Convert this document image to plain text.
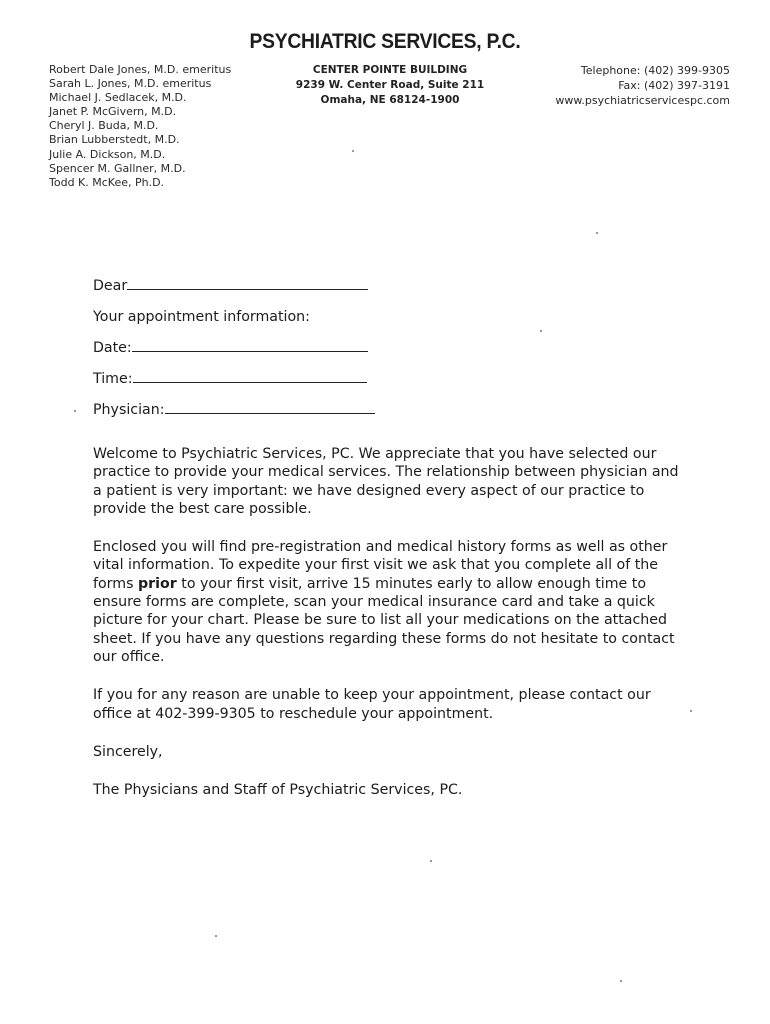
PSYCHIATRIC SERVICES, P.C.
Robert Dale Jones, M.D. emeritus
Sarah L. Jones, M.D. emeritus
Michael J. Sedlacek, M.D.
Janet P. McGivern, M.D.
Cheryl J. Buda, M.D.
Brian Lubberstedt, M.D.
Julie A. Dickson, M.D.
Spencer M. Gallner, M.D.
Todd K. McKee, Ph.D.
CENTER POINTE BUILDING
9239 W. Center Road, Suite 211
Omaha, NE 68124-1900
Telephone: (402) 399-9305
Fax: (402) 397-3191
www.psychiatricservicespc.com
Dear
Your appointment information:
Date:
Time:
Physician:

Welcome to Psychiatric Services, PC. We appreciate that you have selected our practice to provide your medical services. The relationship between physician and a patient is very important: we have designed every aspect of our practice to provide the best care possible.

Enclosed you will find pre-registration and medical history forms as well as other vital information. To expedite your first visit we ask that you complete all of the forms prior to your first visit, arrive 15 minutes early to allow enough time to ensure forms are complete, scan your medical insurance card and take a quick picture for your chart. Please be sure to list all your medications on the attached sheet. If you have any questions regarding these forms do not hesitate to contact our office.

If you for any reason are unable to keep your appointment, please contact our office at 402-399-9305 to reschedule your appointment.

Sincerely,

The Physicians and Staff of Psychiatric Services, PC.
